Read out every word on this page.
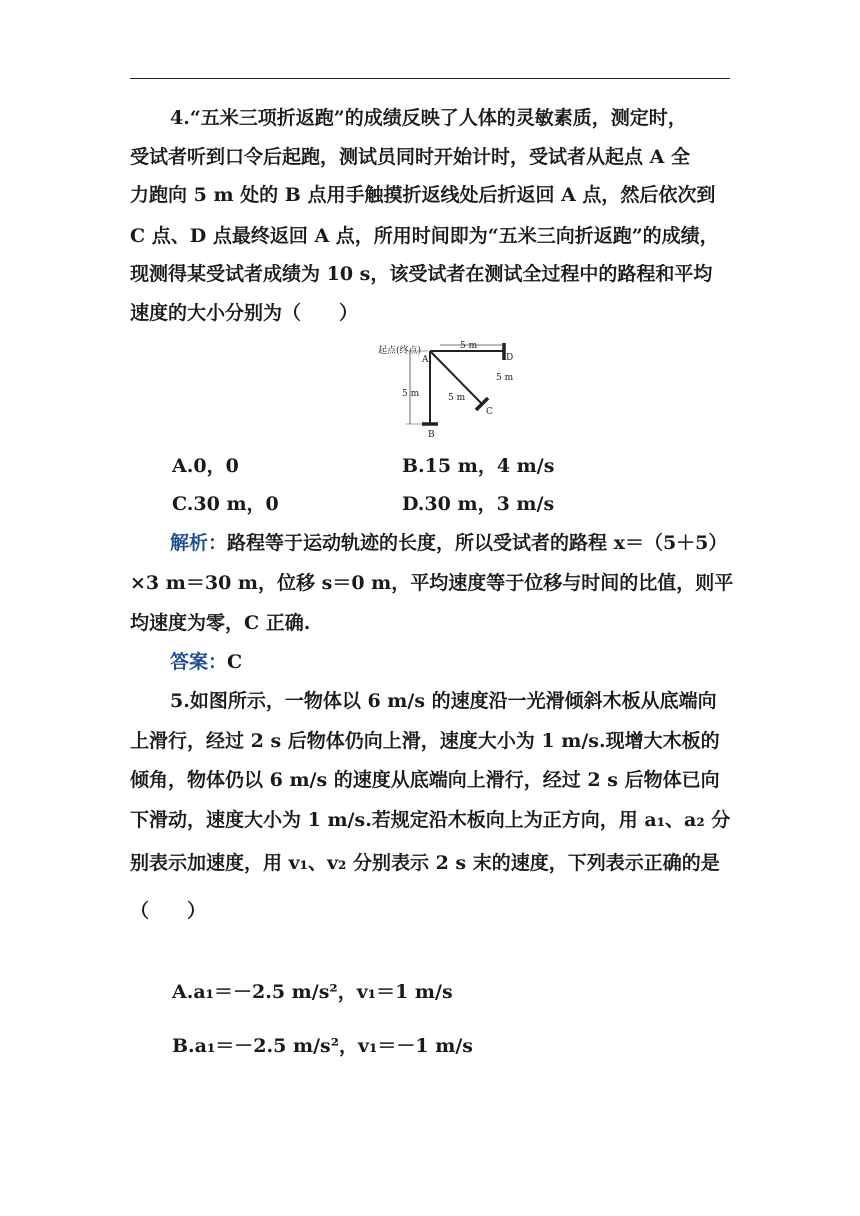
4.“五米三项折返跑”的成绩反映了人体的灵敏素质，测定时，
受试者听到口令后起跑，测试员同时开始计时，受试者从起点 A 全
力跑向 5 m 处的 B 点用手触摸折返线处后折返回 A 点，然后依次到
C 点、D 点最终返回 A 点，所用时间即为“五米三向折返跑”的成绩，
现测得某受试者成绩为 10 s，该受试者在测试全过程中的路程和平均
速度的大小分别为（　　）
起点(终点)
A
5 m
D
5 m
5 m	5 m
C
B
A.0，0	B.15 m，4 m/s
C.30 m，0	D.30 m，3 m/s
解析：路程等于运动轨迹的长度，所以受试者的路程 x＝（5＋5）
×3 m＝30 m，位移 s＝0 m，平均速度等于位移与时间的比值，则平
均速度为零，C 正确.
答案：C
5.如图所示，一物体以 6 m/s 的速度沿一光滑倾斜木板从底端向
上滑行，经过 2 s 后物体仍向上滑，速度大小为 1 m/s.现增大木板的
倾角，物体仍以 6 m/s 的速度从底端向上滑行，经过 2 s 后物体已向
下滑动，速度大小为 1 m/s.若规定沿木板向上为正方向，用 a₁、a₂ 分
别表示加速度，用 v₁、v₂ 分别表示 2 s 末的速度，下列表示正确的是
（　　）
A.a₁＝－2.5 m/s²，v₁＝1 m/s
B.a₁＝－2.5 m/s²，v₁＝－1 m/s
